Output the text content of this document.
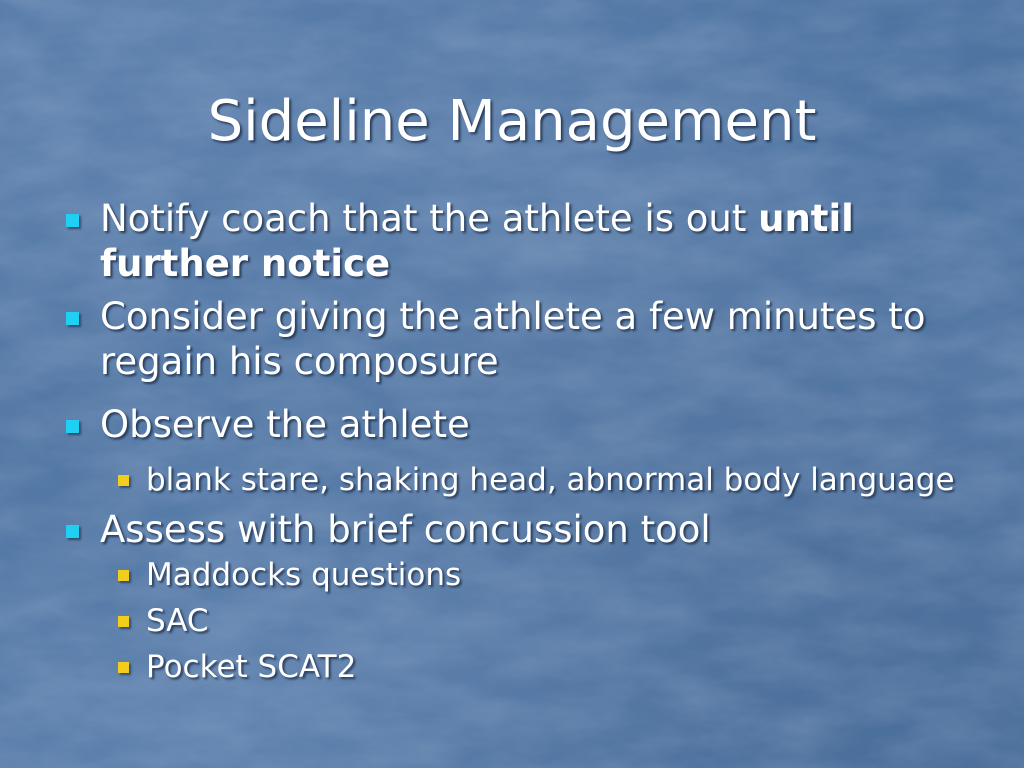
Sideline Management
Notify coach that the athlete is out until further notice
Consider giving the athlete a few minutes to regain his composure
Observe the athlete
blank stare, shaking head, abnormal body language
Assess with brief concussion tool
Maddocks questions
SAC
Pocket SCAT2
